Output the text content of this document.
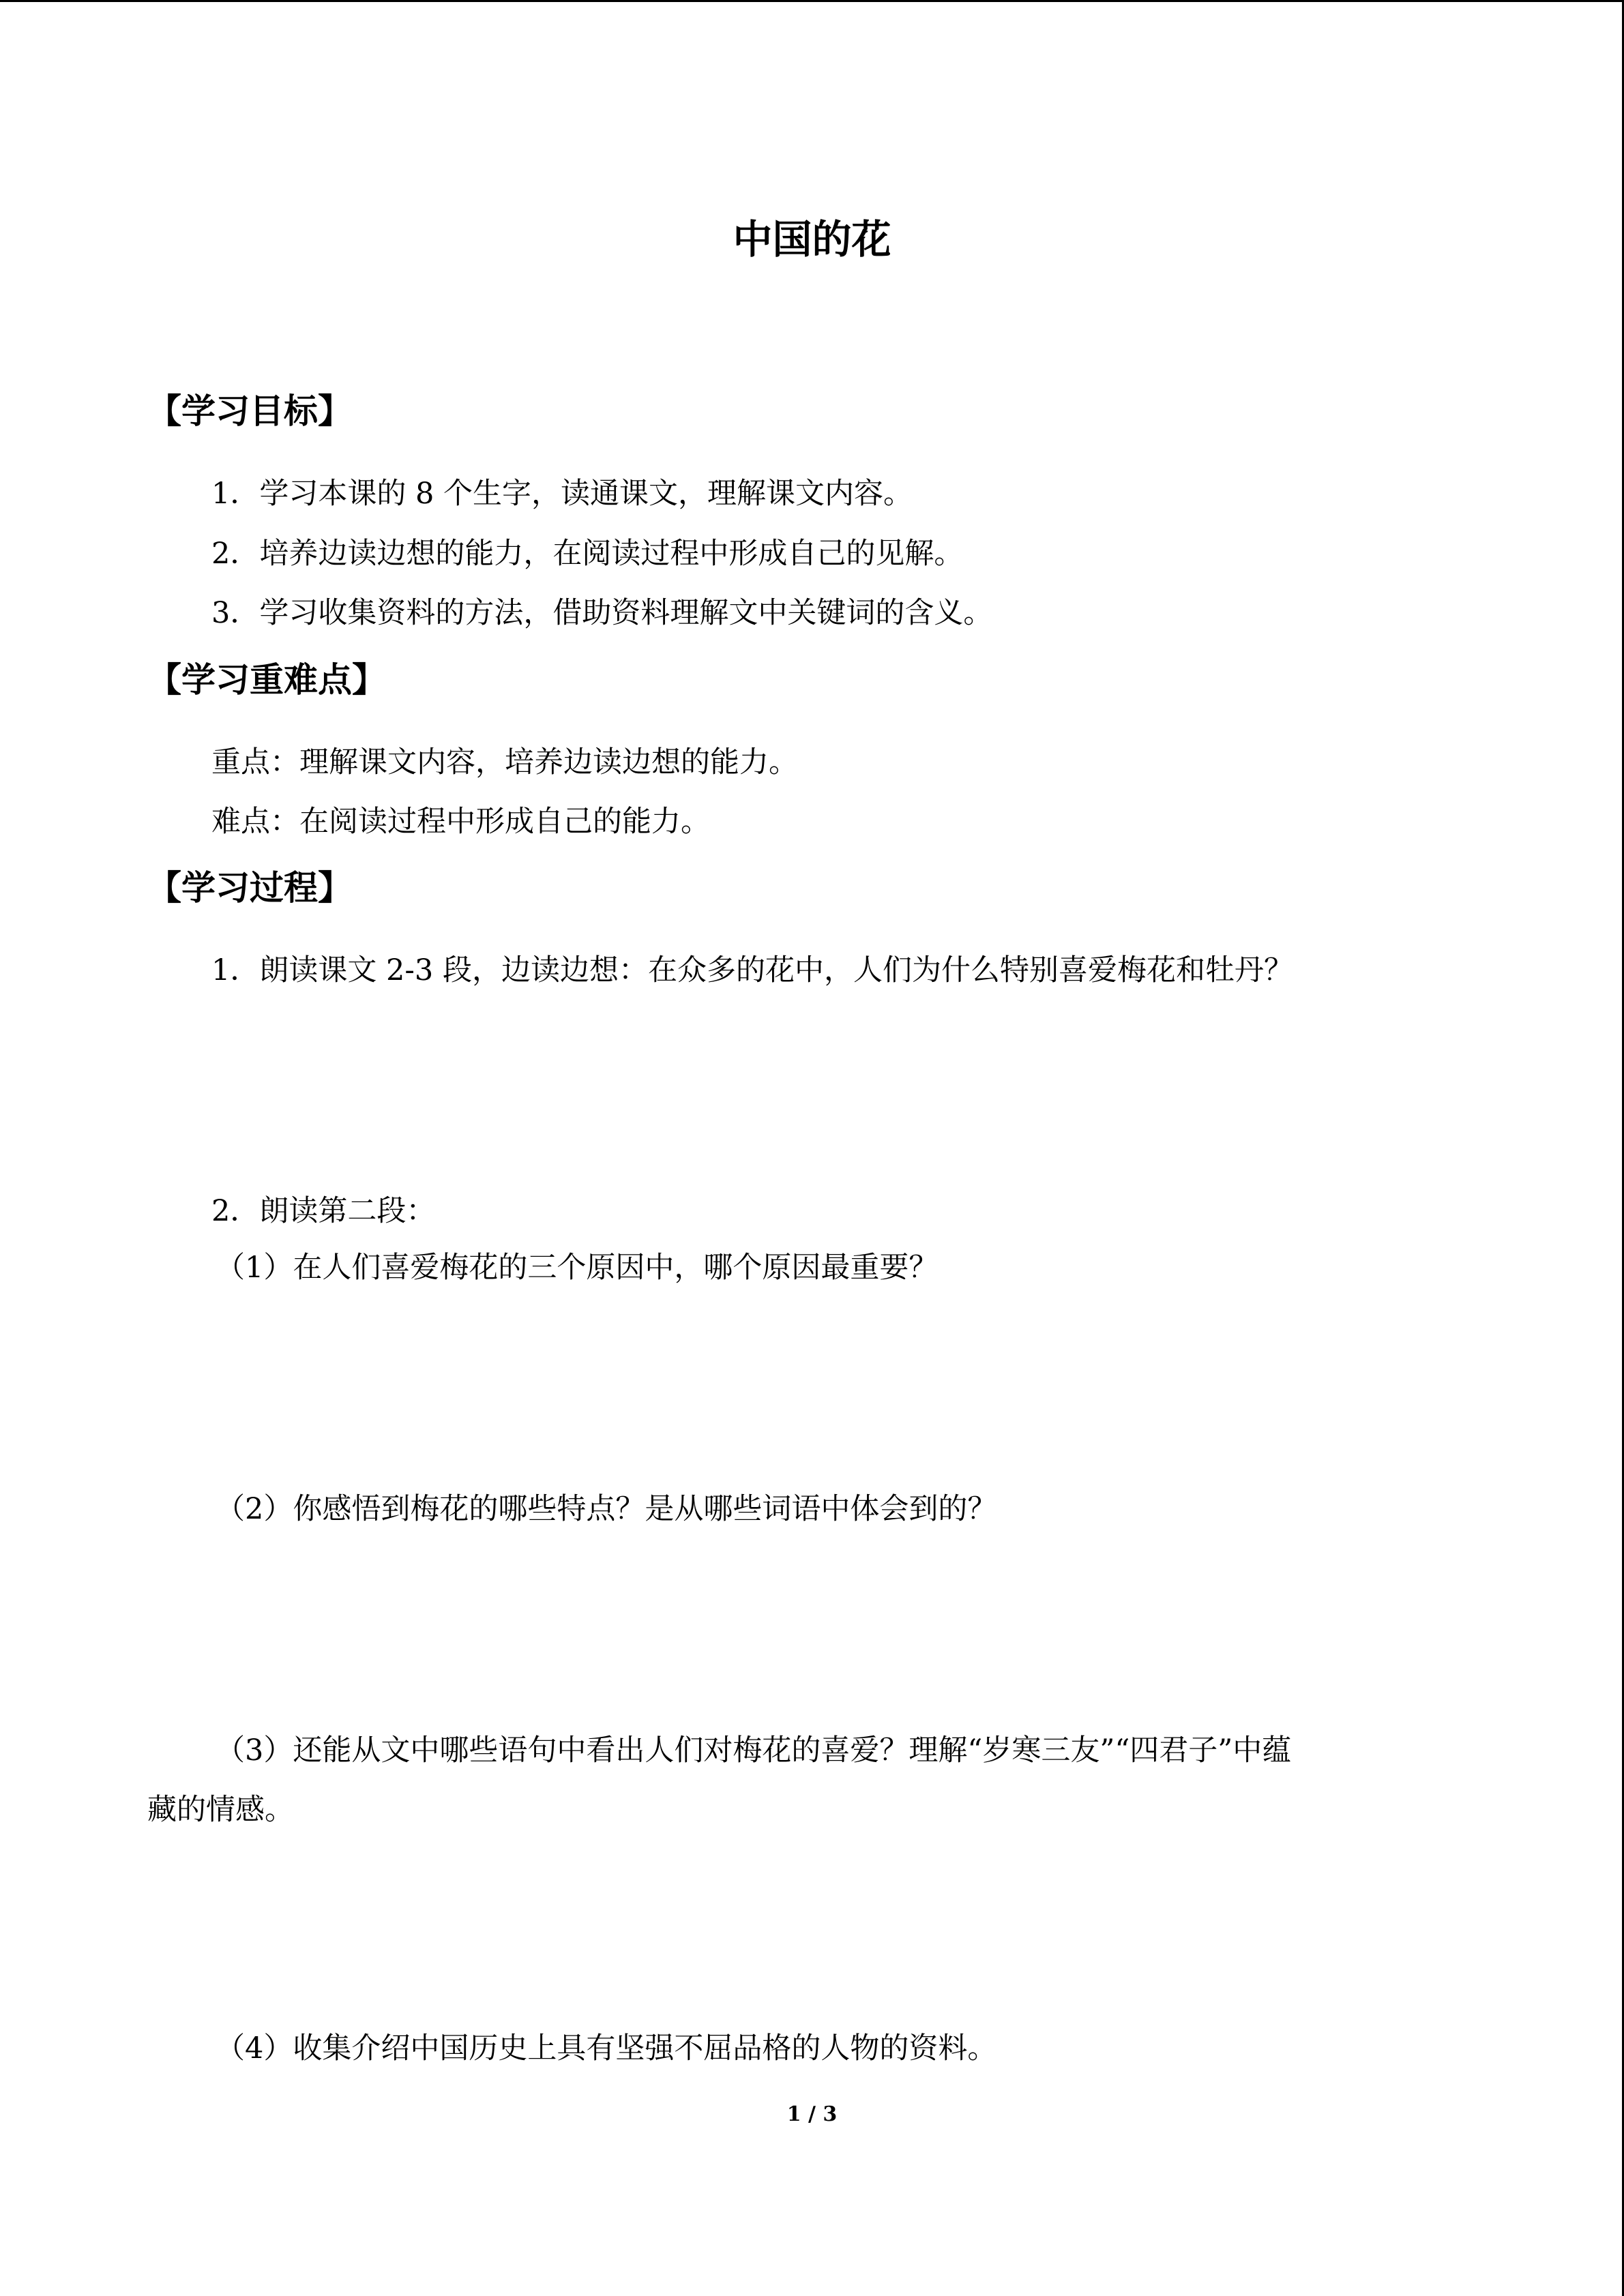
中国的花
【学习目标】
1．学习本课的 8 个生字，读通课文，理解课文内容。
2．培养边读边想的能力，在阅读过程中形成自己的见解。
3．学习收集资料的方法，借助资料理解文中关键词的含义。
【学习重难点】
重点：理解课文内容，培养边读边想的能力。
难点：在阅读过程中形成自己的能力。
【学习过程】
1．朗读课文 2-3 段，边读边想：在众多的花中，人们为什么特别喜爱梅花和牡丹？
2．朗读第二段：
（1）在人们喜爱梅花的三个原因中，哪个原因最重要？
（2）你感悟到梅花的哪些特点？是从哪些词语中体会到的？
（3）还能从文中哪些语句中看出人们对梅花的喜爱？理解“岁寒三友”“四君子”中蕴
藏的情感。
（4）收集介绍中国历史上具有坚强不屈品格的人物的资料。
1 / 3
